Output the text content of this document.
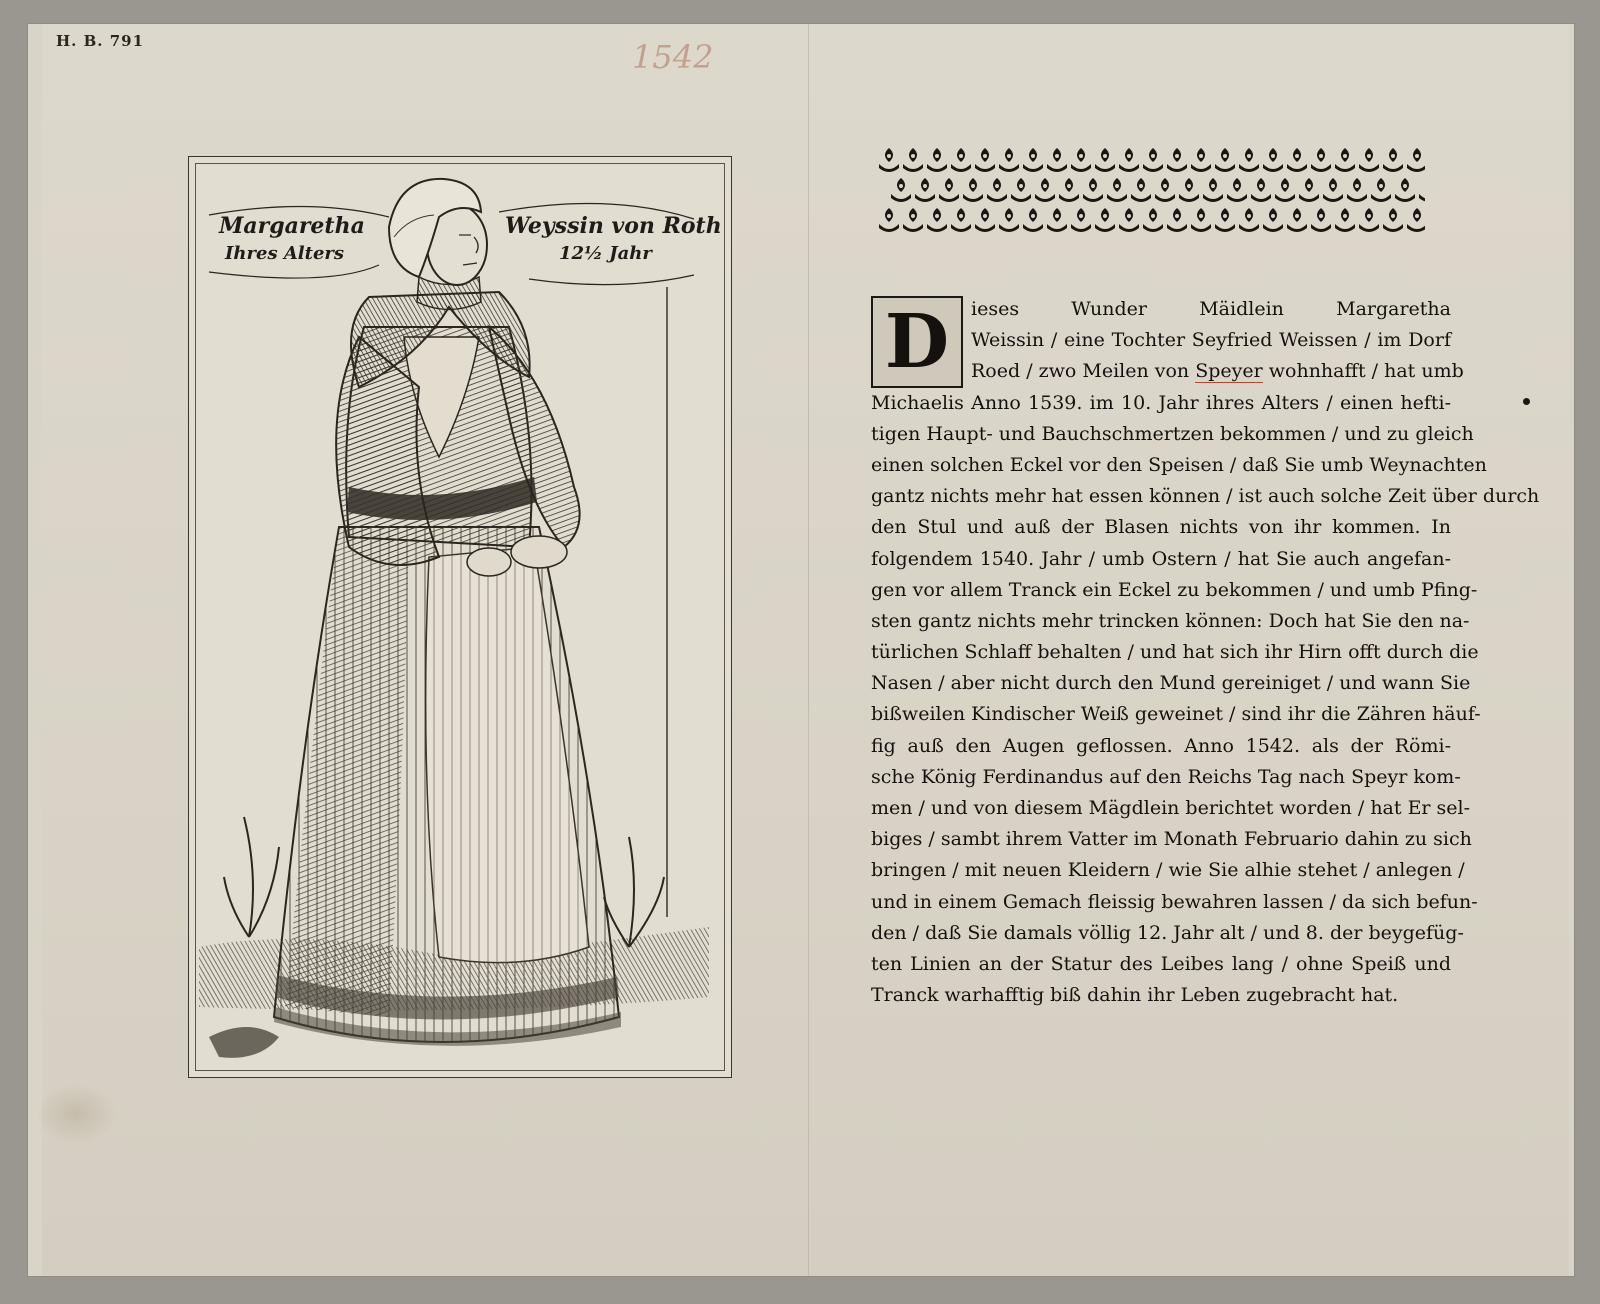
H. B. 791	1542
Margaretha	Weyssin von Roth
Ihres Alters	12½ Jahr
D	ieses Wunder Mäidlein Margaretha
Weissin / eine Tochter Seyfried Weissen / im Dorf
Roed / zwo Meilen von Speyer wohnhafft / hat umb
Michaelis Anno 1539. im 10. Jahr ihres Alters / einen hefti-
tigen Haupt- und Bauchschmertzen bekommen / und zu gleich
einen solchen Eckel vor den Speisen / daß Sie umb Weynachten
gantz nichts mehr hat essen können / ist auch solche Zeit über durch
den Stul und auß der Blasen nichts von ihr kommen. In
folgendem 1540. Jahr / umb Ostern / hat Sie auch angefan-
gen vor allem Tranck ein Eckel zu bekommen / und umb Pfing-
sten gantz nichts mehr trincken können: Doch hat Sie den na-
türlichen Schlaff behalten / und hat sich ihr Hirn offt durch die
Nasen / aber nicht durch den Mund gereiniget / und wann Sie
bißweilen Kindischer Weiß geweinet / sind ihr die Zähren häuf-
fig auß den Augen geflossen. Anno 1542. als der Römi-
sche König Ferdinandus auf den Reichs Tag nach Speyr kom-
men / und von diesem Mägdlein berichtet worden / hat Er sel-
biges / sambt ihrem Vatter im Monath Februario dahin zu sich
bringen / mit neuen Kleidern / wie Sie alhie stehet / anlegen /
und in einem Gemach fleissig bewahren lassen / da sich befun-
den / daß Sie damals völlig 12. Jahr alt / und 8. der beygefüg-
ten Linien an der Statur des Leibes lang / ohne Speiß und
Tranck warhafftig biß dahin ihr Leben zugebracht hat.
